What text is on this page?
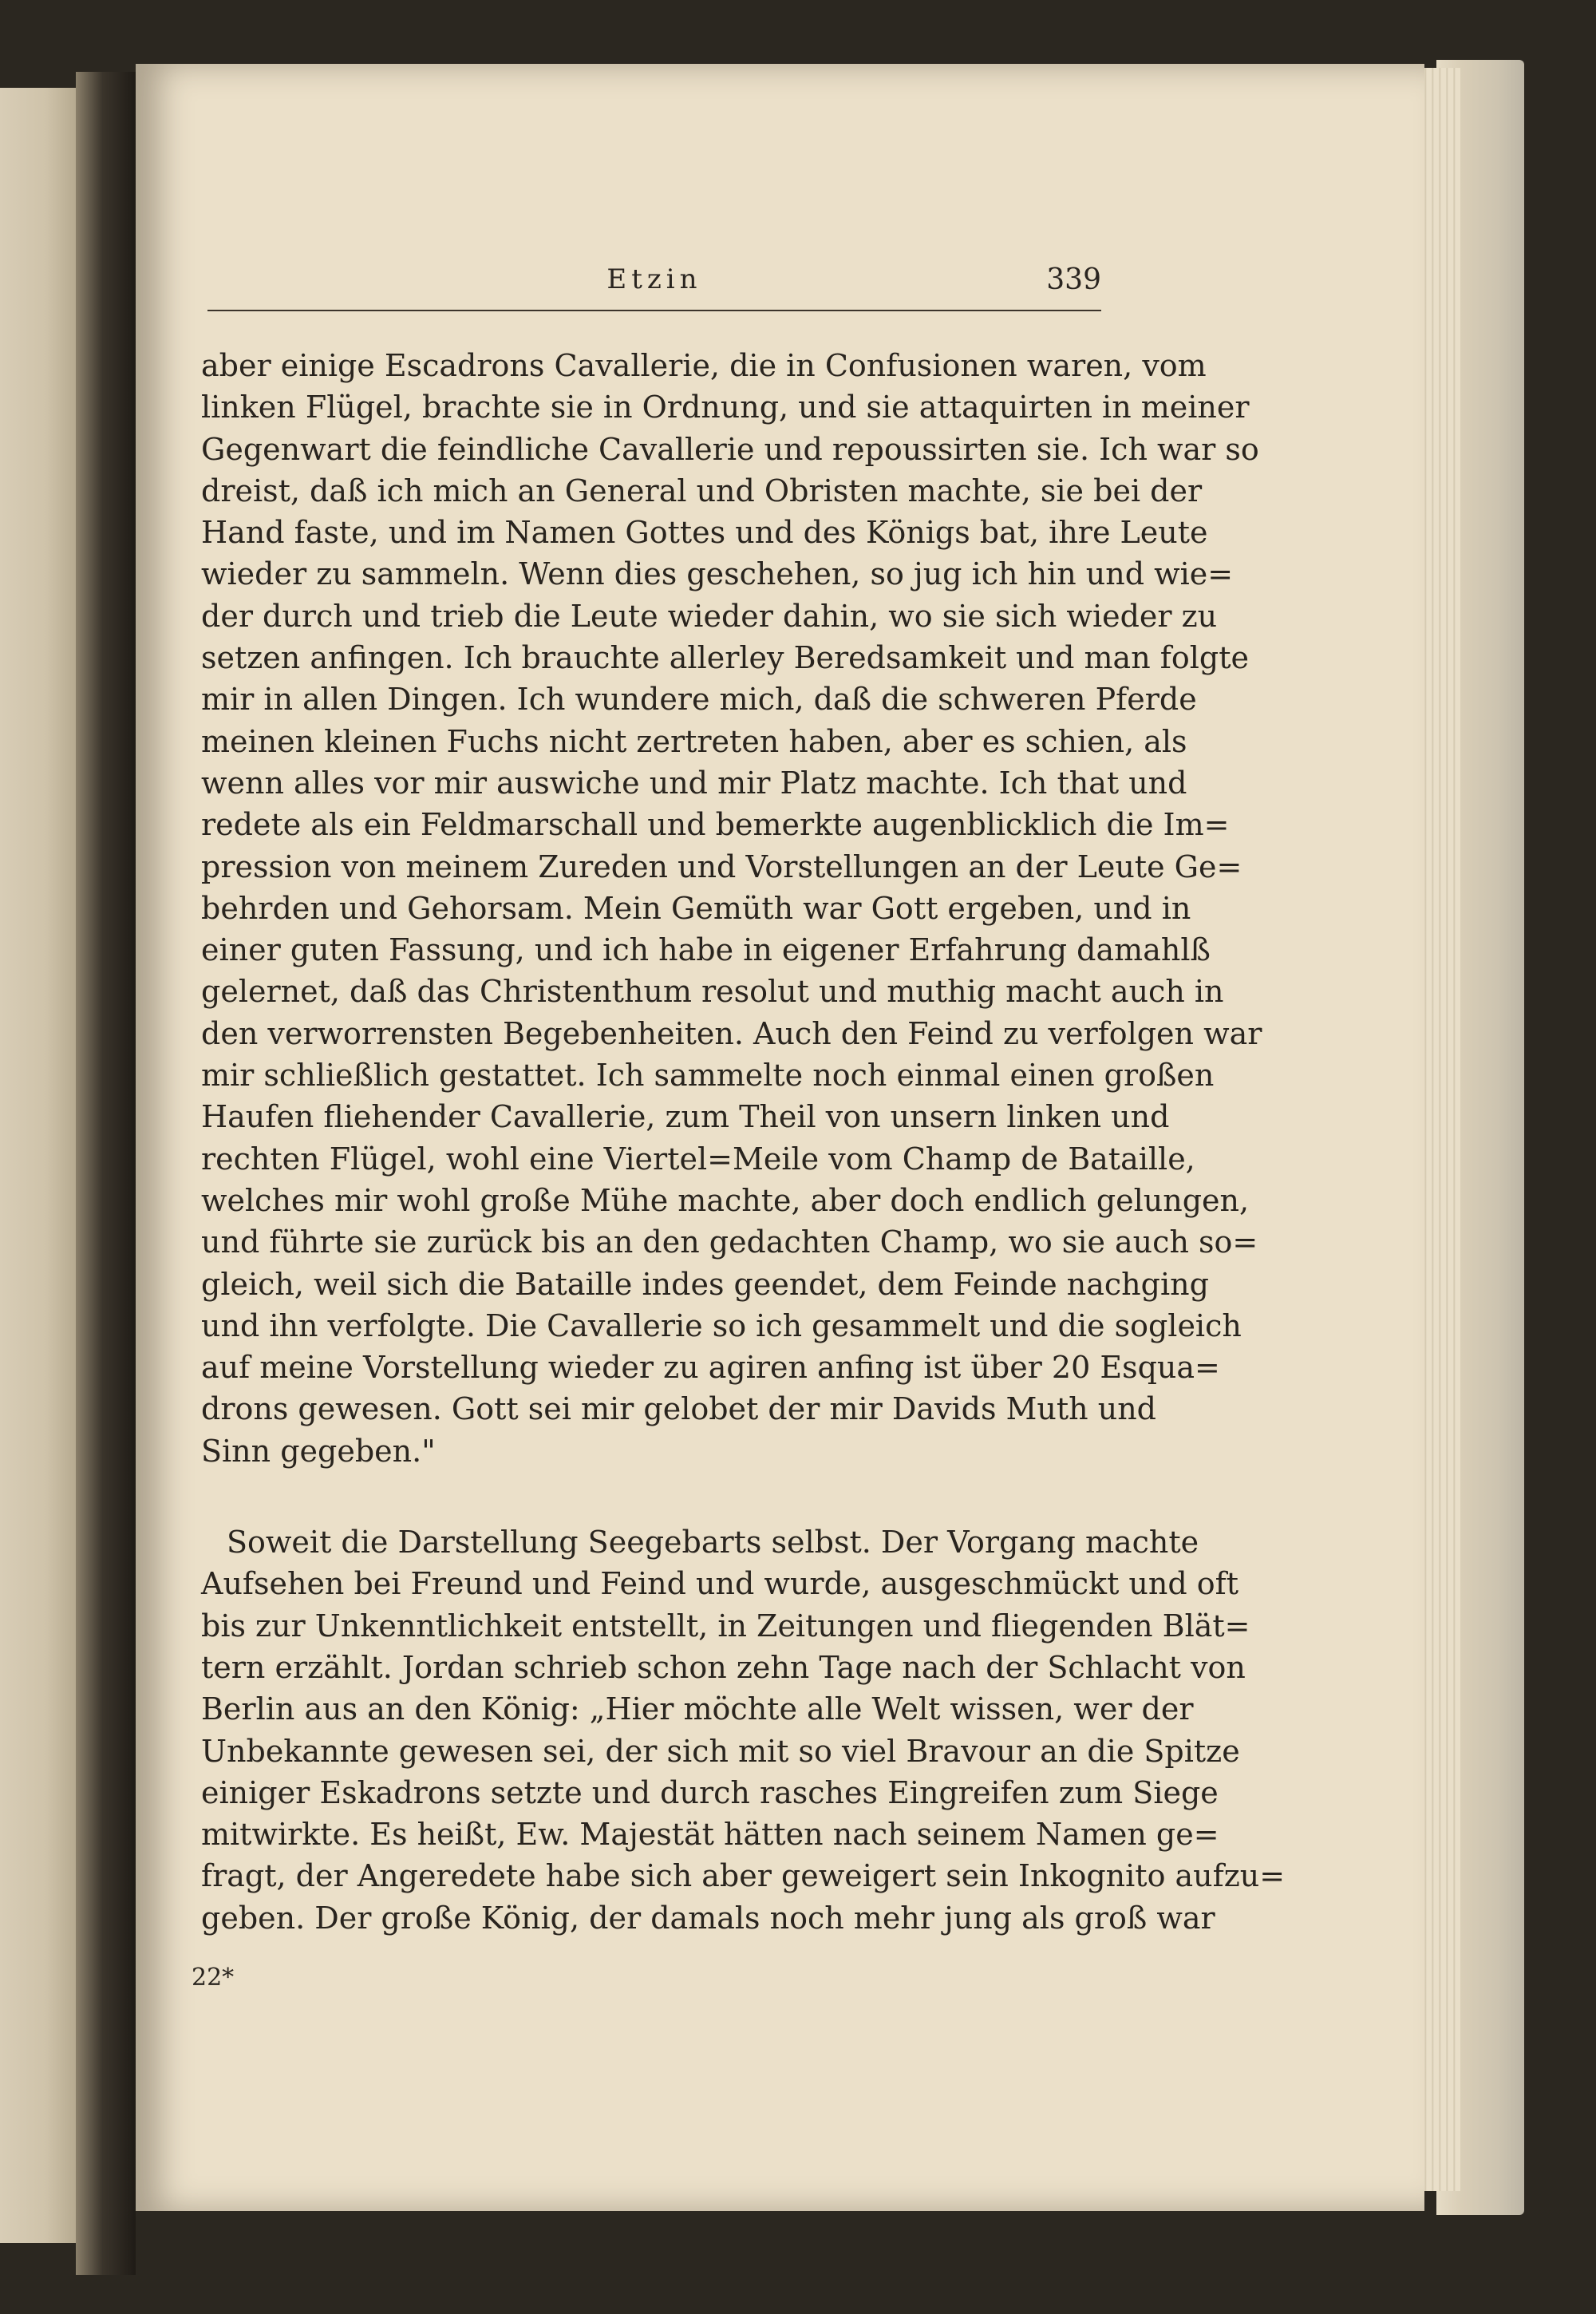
Etzin	339
aber einige Escadrons Cavallerie, die in Confusionen waren, vom
linken Flügel, brachte sie in Ordnung, und sie attaquirten in meiner
Gegenwart die feindliche Cavallerie und repoussirten sie. Ich war so
dreist, daß ich mich an General und Obristen machte, sie bei der
Hand faste, und im Namen Gottes und des Königs bat, ihre Leute
wieder zu sammeln. Wenn dies geschehen, so jug ich hin und wie=
der durch und trieb die Leute wieder dahin, wo sie sich wieder zu
setzen anfingen. Ich brauchte allerley Beredsamkeit und man folgte
mir in allen Dingen. Ich wundere mich, daß die schweren Pferde
meinen kleinen Fuchs nicht zertreten haben, aber es schien, als
wenn alles vor mir auswiche und mir Platz machte. Ich that und
redete als ein Feldmarschall und bemerkte augenblicklich die Im=
pression von meinem Zureden und Vorstellungen an der Leute Ge=
behrden und Gehorsam. Mein Gemüth war Gott ergeben, und in
einer guten Fassung, und ich habe in eigener Erfahrung damahlß
gelernet, daß das Christenthum resolut und muthig macht auch in
den verworrensten Begebenheiten. Auch den Feind zu verfolgen war
mir schließlich gestattet. Ich sammelte noch einmal einen großen
Haufen fliehender Cavallerie, zum Theil von unsern linken und
rechten Flügel, wohl eine Viertel=Meile vom Champ de Bataille,
welches mir wohl große Mühe machte, aber doch endlich gelungen,
und führte sie zurück bis an den gedachten Champ, wo sie auch so=
gleich, weil sich die Bataille indes geendet, dem Feinde nachging
und ihn verfolgte. Die Cavallerie so ich gesammelt und die sogleich
auf meine Vorstellung wieder zu agiren anfing ist über 20 Esqua=
drons gewesen. Gott sei mir gelobet der mir Davids Muth und
Sinn gegeben."
Soweit die Darstellung Seegebarts selbst. Der Vorgang machte
Aufsehen bei Freund und Feind und wurde, ausgeschmückt und oft
bis zur Unkenntlichkeit entstellt, in Zeitungen und fliegenden Blät=
tern erzählt. Jordan schrieb schon zehn Tage nach der Schlacht von
Berlin aus an den König: „Hier möchte alle Welt wissen, wer der
Unbekannte gewesen sei, der sich mit so viel Bravour an die Spitze
einiger Eskadrons setzte und durch rasches Eingreifen zum Siege
mitwirkte. Es heißt, Ew. Majestät hätten nach seinem Namen ge=
fragt, der Angeredete habe sich aber geweigert sein Inkognito aufzu=
geben. Der große König, der damals noch mehr jung als groß war
22*
